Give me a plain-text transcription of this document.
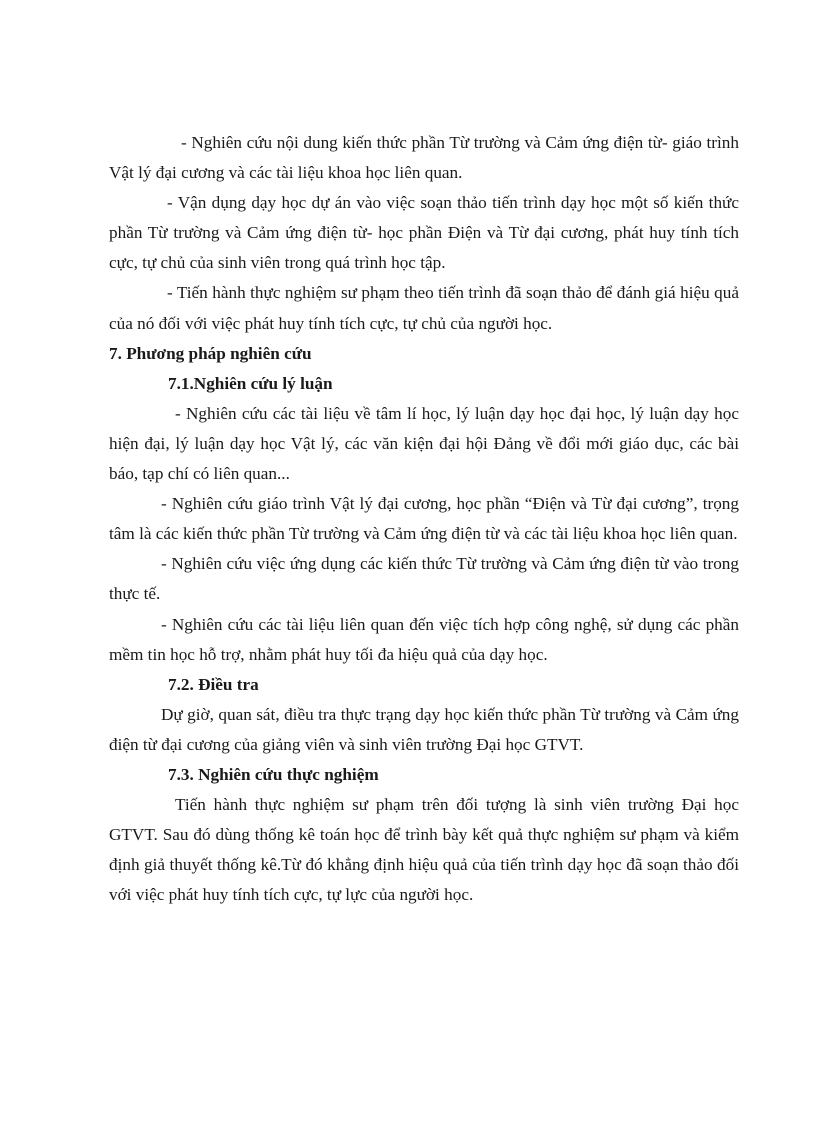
- Nghiên cứu nội dung kiến thức phần Từ trường và Cảm ứng điện từ- giáo trình Vật lý đại cương và các tài liệu khoa học liên quan.

- Vận dụng dạy học dự án vào việc soạn thảo tiến trình dạy học một số kiến thức phần Từ trường và Cảm ứng điện từ- học phần Điện và Từ đại cương, phát huy tính tích cực, tự chủ của sinh viên trong quá trình học tập.

- Tiến hành thực nghiệm sư phạm theo tiến trình đã soạn thảo để đánh giá hiệu quả của nó đối với việc phát huy tính tích cực, tự chủ của người học.

7. Phương pháp nghiên cứu

7.1.Nghiên cứu lý luận

- Nghiên cứu các tài liệu về tâm lí học, lý luận dạy học đại học, lý luận dạy học hiện đại, lý luận dạy học Vật lý, các văn kiện đại hội Đảng về đổi mới giáo dục, các bài báo, tạp chí có liên quan...

- Nghiên cứu giáo trình Vật lý đại cương, học phần “Điện và Từ đại cương”, trọng tâm là các kiến thức phần Từ trường và Cảm ứng điện từ và các tài liệu khoa học liên quan.

- Nghiên cứu việc ứng dụng các kiến thức Từ trường và Cảm ứng điện từ vào trong thực tế.

- Nghiên cứu các tài liệu liên quan đến việc tích hợp công nghệ, sử dụng các phần mềm tin học hỗ trợ, nhằm phát huy tối đa hiệu quả của dạy học.

7.2. Điều tra

Dự giờ, quan sát, điều tra thực trạng dạy học kiến thức phần Từ trường và Cảm ứng điện từ đại cương của giảng viên và sinh viên trường Đại học GTVT.

7.3. Nghiên cứu thực nghiệm

Tiến hành thực nghiệm sư phạm trên đối tượng là sinh viên trường Đại học GTVT. Sau đó dùng thống kê toán học để trình bày kết quả thực nghiệm sư phạm và kiểm định giả thuyết thống kê.Từ đó khẳng định hiệu quả của tiến trình dạy học đã soạn thảo đối với việc phát huy tính tích cực, tự lực của người học.
